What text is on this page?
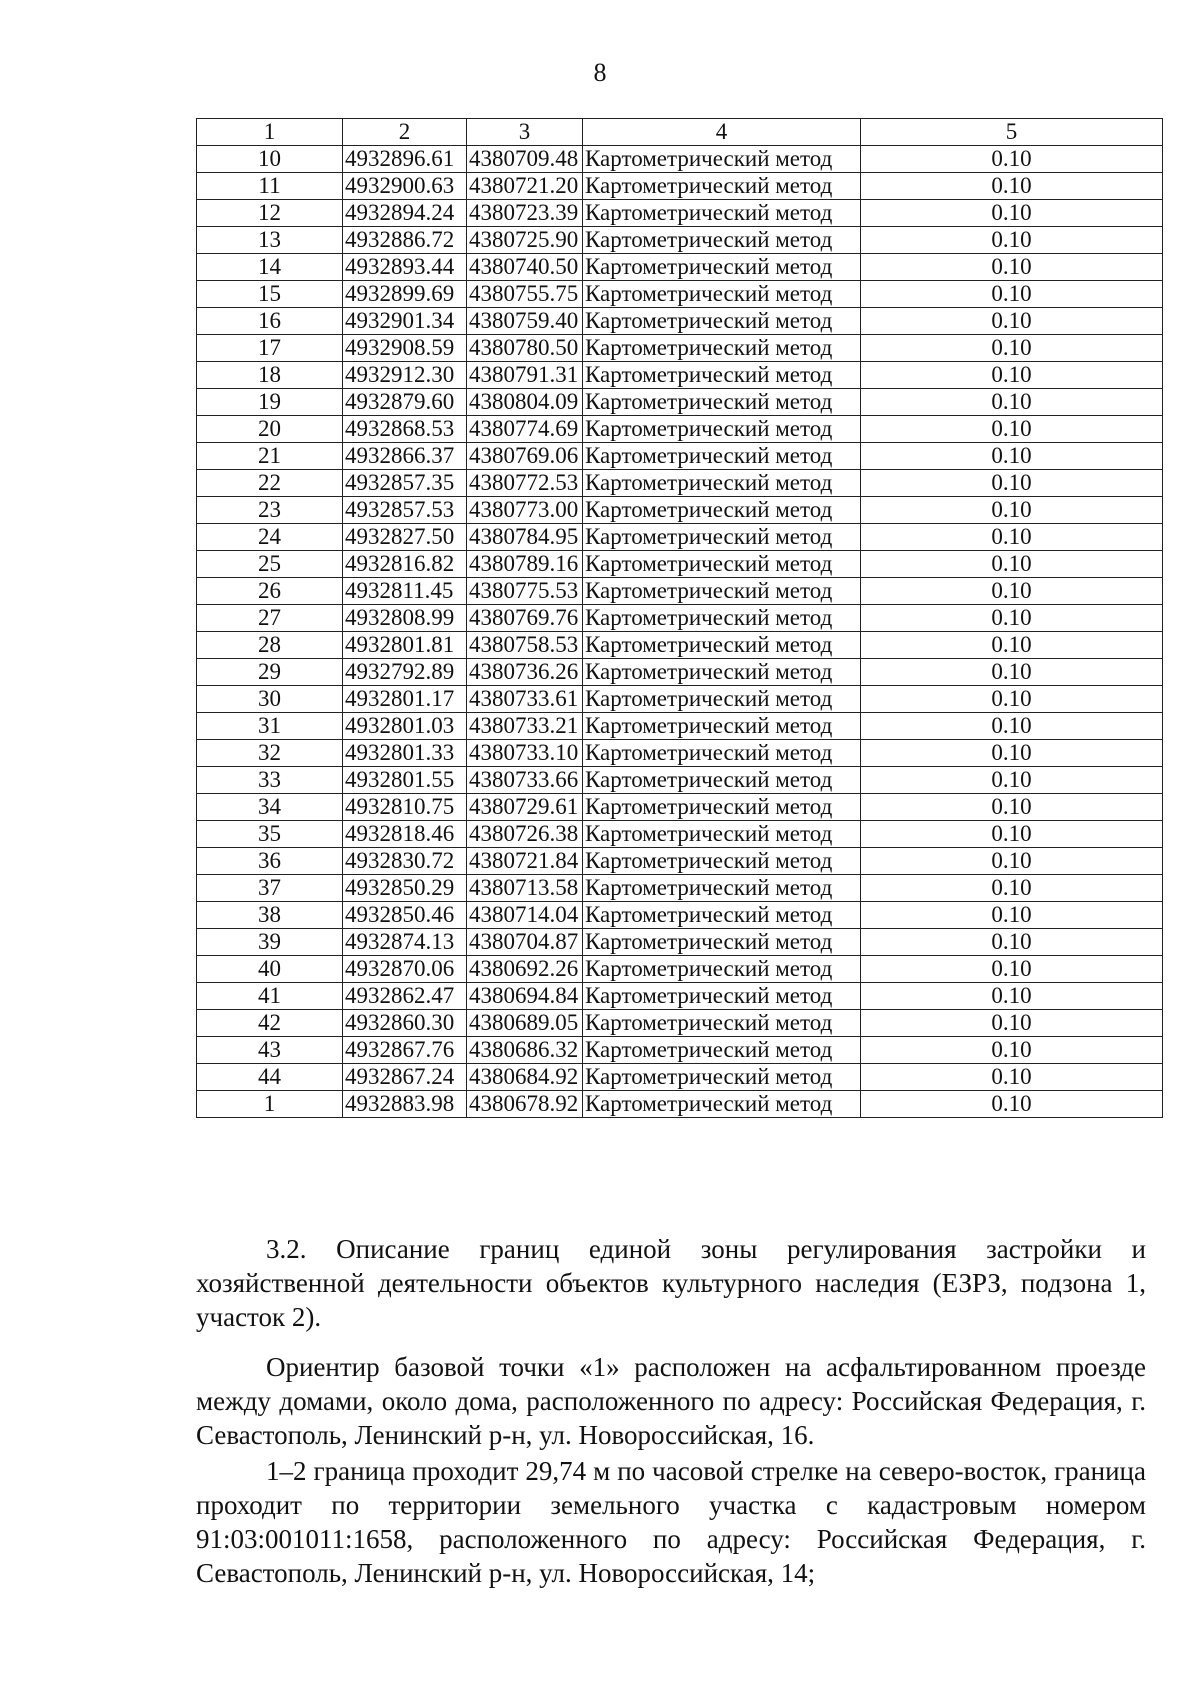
8
1	2	3	4	5
10	4932896.61	4380709.48	Картометрический метод	0.10
11	4932900.63	4380721.20	Картометрический метод	0.10
12	4932894.24	4380723.39	Картометрический метод	0.10
13	4932886.72	4380725.90	Картометрический метод	0.10
14	4932893.44	4380740.50	Картометрический метод	0.10
15	4932899.69	4380755.75	Картометрический метод	0.10
16	4932901.34	4380759.40	Картометрический метод	0.10
17	4932908.59	4380780.50	Картометрический метод	0.10
18	4932912.30	4380791.31	Картометрический метод	0.10
19	4932879.60	4380804.09	Картометрический метод	0.10
20	4932868.53	4380774.69	Картометрический метод	0.10
21	4932866.37	4380769.06	Картометрический метод	0.10
22	4932857.35	4380772.53	Картометрический метод	0.10
23	4932857.53	4380773.00	Картометрический метод	0.10
24	4932827.50	4380784.95	Картометрический метод	0.10
25	4932816.82	4380789.16	Картометрический метод	0.10
26	4932811.45	4380775.53	Картометрический метод	0.10
27	4932808.99	4380769.76	Картометрический метод	0.10
28	4932801.81	4380758.53	Картометрический метод	0.10
29	4932792.89	4380736.26	Картометрический метод	0.10
30	4932801.17	4380733.61	Картометрический метод	0.10
31	4932801.03	4380733.21	Картометрический метод	0.10
32	4932801.33	4380733.10	Картометрический метод	0.10
33	4932801.55	4380733.66	Картометрический метод	0.10
34	4932810.75	4380729.61	Картометрический метод	0.10
35	4932818.46	4380726.38	Картометрический метод	0.10
36	4932830.72	4380721.84	Картометрический метод	0.10
37	4932850.29	4380713.58	Картометрический метод	0.10
38	4932850.46	4380714.04	Картометрический метод	0.10
39	4932874.13	4380704.87	Картометрический метод	0.10
40	4932870.06	4380692.26	Картометрический метод	0.10
41	4932862.47	4380694.84	Картометрический метод	0.10
42	4932860.30	4380689.05	Картометрический метод	0.10
43	4932867.76	4380686.32	Картометрический метод	0.10
44	4932867.24	4380684.92	Картометрический метод	0.10
1	4932883.98	4380678.92	Картометрический метод	0.10

3.2. Описание границ единой зоны регулирования застройки и хозяйственной деятельности объектов культурного наследия (ЕЗРЗ, подзона 1, участок 2).

Ориентир базовой точки «1» расположен на асфальтированном проезде между домами, около дома, расположенного по адресу: Российская Федерация, г. Севастополь, Ленинский р-н, ул. Новороссийская, 16.

1–2 граница проходит 29,74 м по часовой стрелке на северо-восток, граница проходит по территории земельного участка с кадастровым номером 91:03:001011:1658, расположенного по адресу: Российская Федерация, г. Севастополь, Ленинский р-н, ул. Новороссийская, 14;
